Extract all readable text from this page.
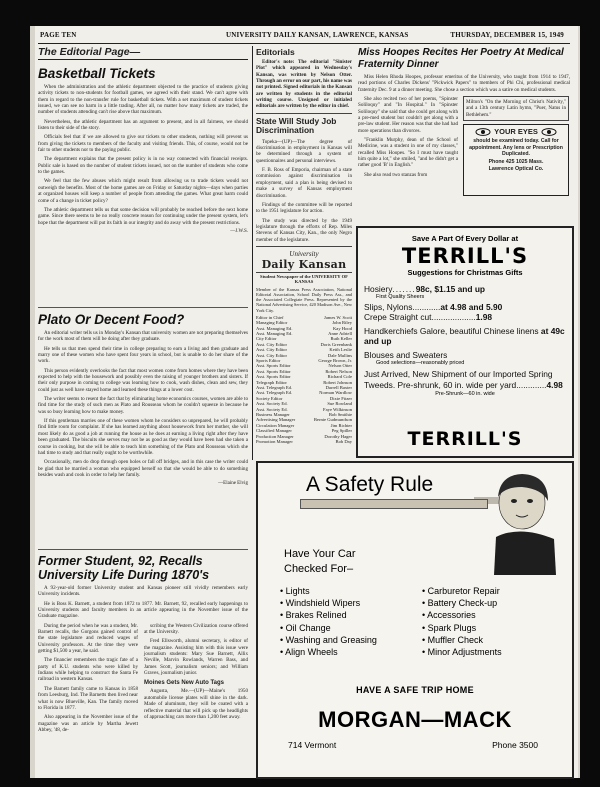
PAGE TEN	UNIVERSITY DAILY KANSAN, LAWRENCE, KANSAS	THURSDAY, DECEMBER 15, 1949
The Editorial Page—
Basketball Tickets

When the administration and the athletic department objected to the practice of students giving activity tickets to non-students for football games, we agreed with their stand. We can't agree with them in regard to the non-transfer rule for basketball tickets. With a set maximum of student tickets issued, we can see no harm in a little trading. After all, no matter how many tickets are traded, the number of students attending can't rise above that maximum.

Nevertheless, the athletic department has an argument to present, and in all fairness, we should listen to their side of the story.

Officials feel that if we are allowed to give our tickets to other students, nothing will prevent us from giving the tickets to members of the faculty and visiting friends. This, of course, would not be fair to other students nor to the paying public.

The department explains that the present policy is in no way connected with financial receipts. Public sale is based on the number of student tickets issued, not on the number of students who come to the games.

We feel that the few abuses which might result from allowing us to trade tickets would not outweigh the benefits. Most of the home games are on Friday or Saturday nights—days when parties at organized houses will keep a number of people from attending the games. What great harm could come of a change in ticket policy?

The athletic department tells us that some decision will probably be reached before the next home game. Since there seems to be no really concrete reason for continuing under the present system, let's hope that the department will put its faith in our integrity and do away with the present restrictions.

—J.W.S.

Plato Or Decent Food?

An editorial writer tells us in Monday's Kansan that university women are not preparing themselves for the work most of them will be doing after they graduate.

He tells us that men spend their time in college preparing to earn a living and then graduate and marry one of these women who have spent four years in school, but is unable to do her share of the work.

This person evidently overlooks the fact that most women come from homes where they have been expected to help with the housework and possibly even the raising of younger brothers and sisters. If their only purpose in coming to college was learning how to cook, wash dishes, clean and sew, they could just as well have stayed home and learned these things at a lower cost.

The writer seems to resent the fact that by eliminating home economics courses, women are able to find time for the study of such men as Plato and Rousseau whom he couldn't squeeze in because he was so busy learning how to make money.

If this gentleman marries one of these women whom he considers so unprepared, he will probably find little room for complaint. If she has learned anything about housework from her mother, she will most likely do as good a job at running the house as he does at earning a living right after they have been graduated. The biscuits she serves may not be as good as they would have been had she taken a course in cooking, but she will be able to teach him something of the Plato and Rousseau which she had time to study and that really ought to be worthwhile.

Occasionally, men do drop through open holes or fall off bridges, and in this case the writer could be glad that he married a woman who equipped herself so that she would be able to do something besides wash and cook in order to help her family.

—Elaine Elvig

Former Student, 92, Recalls University Life During 1870's

A 92-year-old former University student and Kansas pioneer still vividly remembers early University incidents.

He is Boss K. Barnett, a student from 1872 to 1877. Mr. Barnett, 92, recalled early happenings to University students and faculty members in an article appearing in the November issue of the Graduate magazine.

During the period when he was a student, Mr. Barnett recalls, the Gorgons gained control of the state legislature and reduced wages of University professors. At the time they were getting $1,500 a year, he said.

The financier remembers the tragic fate of a party of K.U. students who were killed by Indians while helping to construct the Santa Fe railroad in western Kansas.

The Barnett family came to Kansas in 1858 from Leesburg, Ind. The Barnetts then lived near what is now Blueville, Kan. The family moved to Florida in 1877.

Also appearing in the November issue of the magazine was an article by Martha Jewett Abbey, '48, de-

scribing the Western Civilization course offered at the University.

Fred Ellsworth, alumni secretary, is editor of the magazine. Assisting him with this issue were journalism students: Mary Sue Barnett, Allix Neville, Marvin Rowlands, Warren Bass, and James Scott, journalism seniors; and William Graves, journalism junior.

Moines Gets New Auto Tags

Augusta, Me.—(UP)—Maine's 1950 automobile license plates will shine in the dark. Made of aluminum, they will be coated with a reflective material that will pick up the headlights of approaching cars more than 1,200 feet away.

Editorials

Editor's note: The editorial "Sinister Plot" which appeared in Wednesday's Kansan, was written by Nelson Otter. Through an error on our part, his name was not printed. Signed editorials in the Kansan are written by students in the editorial writing course. Unsigned or initialed editorials are written by the editor in chief.

State Will Study Job Discrimination

Topeka—(UP)—The degree of discrimination in employment in Kansas will be determined through a system of questionnaires and personal interviews.

F. B. Ross of Emporia, chairman of a state commission against discrimination in employment, said a plan is being devised to make a survey of Kansas employment discrimination.

Findings of the committee will be reported to the 1951 legislature for action.

The study was directed by the 1949 legislature through the efforts of Rep. Miles Stevens of Kansas City, Kan., the only Negro member of the legislature.

University
Daily Kansan
Student Newspaper of the UNIVERSITY OF KANSAS
Member of the Kansas Press Association, National Editorial Association, School Daily Press Ass., and the Associated Collegiate Press. Represented by the National Advertising Service, 420 Madison Ave., New York City.
Editor in Chief	James W. Scott
Managing Editor	John Riley
Asst. Managing Ed.	Kay Hood
Asst. Managing Ed.	Anne Adriell
City Editor	Ruth Keller
Asst. City Editor	Doris Greenbank
Asst. City Editor	Keith Leslie
Asst. City Editor	Dale Mullins
Sports Editor	George Brown, Jr.
Asst. Sports Editor	Nelson Otter
Asst. Sports Editor	Robert Nelson
Asst. Sports Editor	Richard Cole
Telegraph Editor	Robert Johnson
Asst. Telegraph Ed.	Darrell Baxter
Asst. Telegraph Ed.	Norman Wardlow
Society Editor	Dixie Fitzer
Asst. Society Ed.	Sue Rowland
Asst. Society Ed.	Faye Wilkinson
Business Manager	Bob Smithie
Advertising Manager	Bernie Gudmundson
Circulation Manager	Jim Richter
Classified Manager	Peg Spiller
Production Manager	Dorothy Hager
Promotion Manager	Bob Day
Miss Hoopes Recites Her Poetry At Medical Fraternity Dinner

Miss Helen Rhoda Hoopes, professor emeritus of the University, who taught from 1914 to 1947, read portions of Charles Dickens' "Pickwick Papers" to members of Phi Chi, professional medical fraternity Dec. 9 at a dinner meeting. She chose a section which was a satire on medical students.

She also recited two of her poems, "Spinster Soliloquy" and "In Hospital." In "Spinster Soliloquy" she said that she could get along with a pre-med student but couldn't get along with a pre-law student. Her reason was that she had had more operations than divorces.

"Franklin Murphy, dean of the School of Medicine, was a student in one of my classes," recalled Miss Hoopes. "So I must have taught him quite a lot," she smiled, "and he didn't get a rather good 'B' in English."

She also read two stanzas from

Milton's "On the Morning of Christ's Nativity," and a 13th century Latin hymn, "Puer, Natus in Bethlehem."

YOUR EYES
should be examined today. Call for appointment. Any lens or Prescription Duplicated.
Phone 425 1025 Mass.
Lawrence Optical Co.
Save A Part Of Every Dollar at
TERRILL'S
Suggestions for Christmas Gifts
Hosiery.......98c, $1.15 and up
First Quality Sheers
Slips, Nylons............at 4.98 and 5.90
Crepe Straight cut...................1.98
Handkerchiefs Galore, beautiful Chinese linens at 49c and up
Blouses and Sweaters
Good selections—reasonably priced
Just Arrived, New Shipment of our Imported Spring Tweeds. Pre-shrunk, 60 in. wide per yard.............4.98
Pre-Shrunk—60 in. wide
TERRILL'S
A Safety Rule
Have Your Car Checked For–
• Lights
• Windshield Wipers
• Brakes Relined
• Oil Change
• Washing and Greasing
• Align Wheels
• Carburetor Repair
• Battery Check-up
• Accessories
• Spark Plugs
• Muffler Check
• Minor Adjustments
HAVE A SAFE TRIP HOME
MORGAN—MACK
714 Vermont	Phone 3500
